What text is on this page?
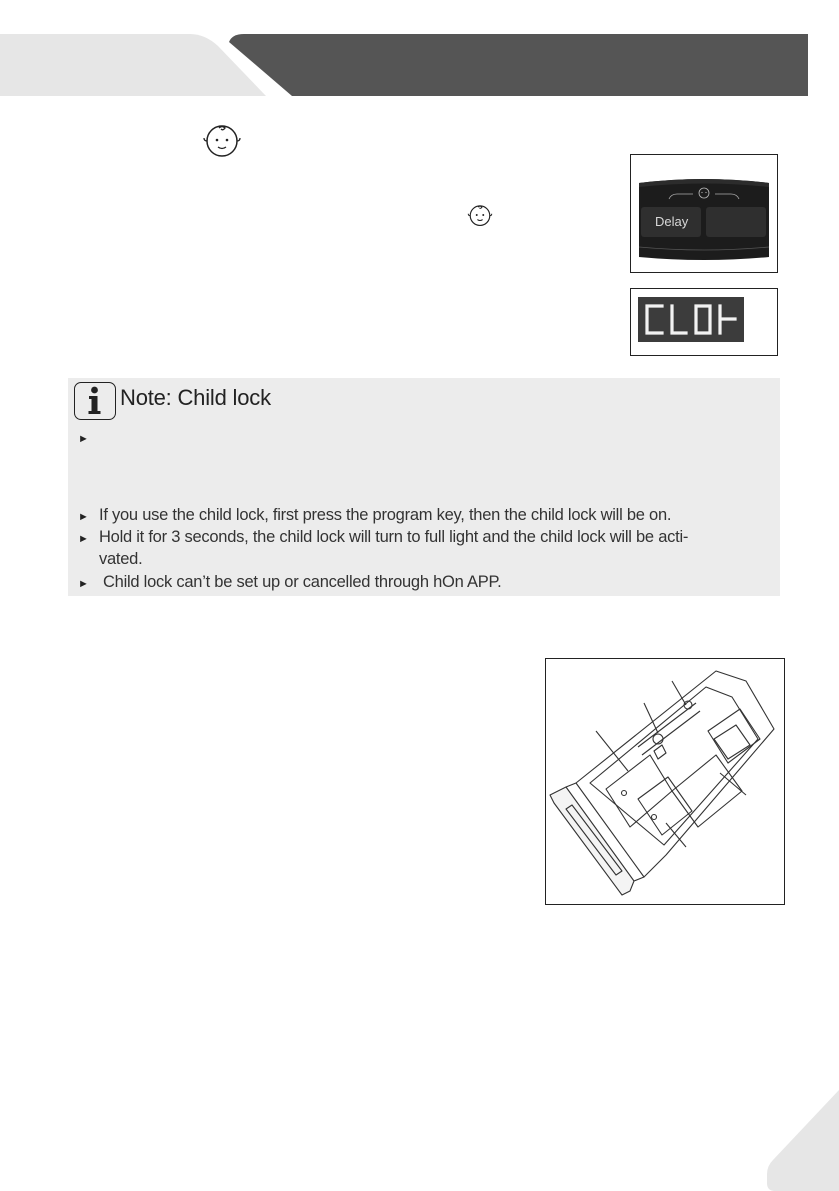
Delay
Note: Child lock
►
► If you use the child lock, first press the program key, then the child lock will be on.
► Hold it for 3 seconds, the child lock will turn to full light and the child lock will be acti-
vated.
► Child lock can’t be set up or cancelled through hOn APP.
